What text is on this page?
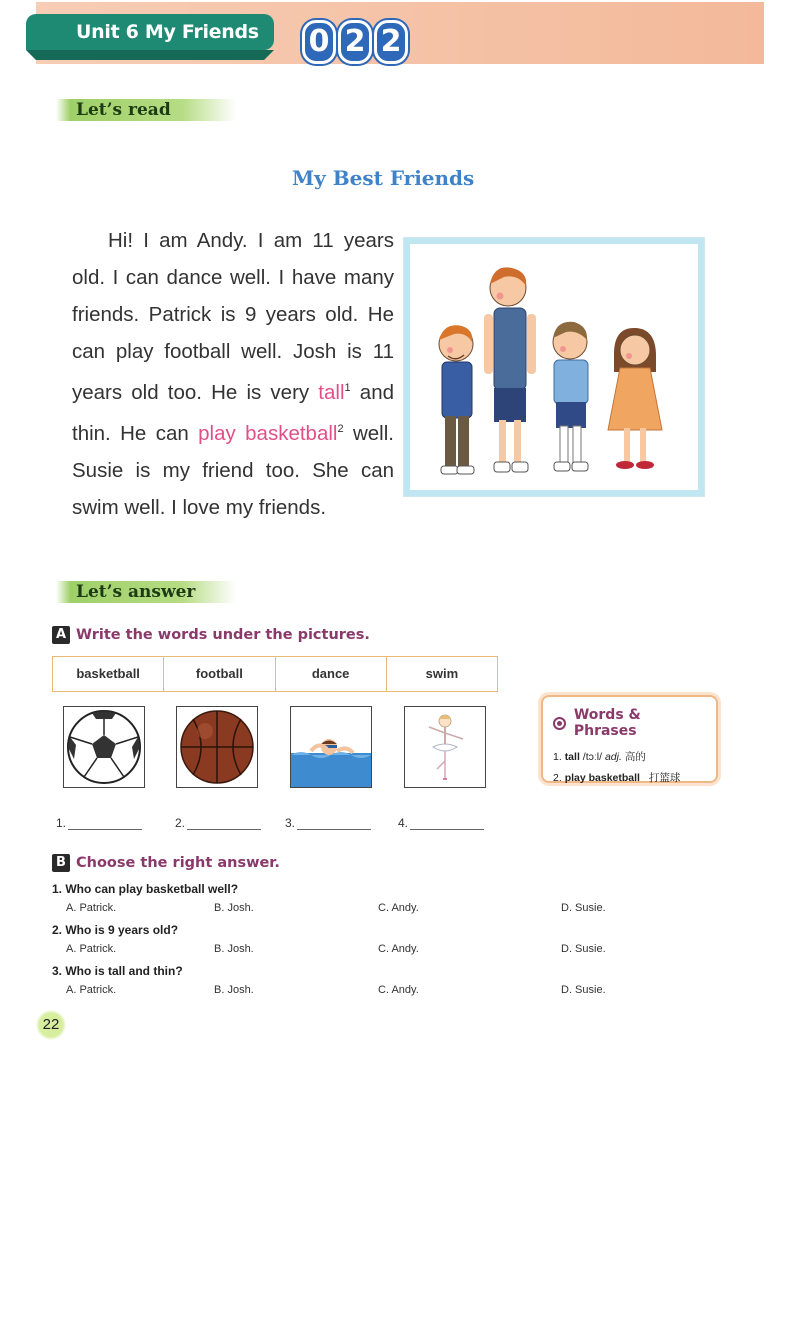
Unit 6 My Friends	0 2 2
Let’s read
My Best Friends
Hi! I am Andy. I am 11 years old. I can dance well. I have many friends. Patrick is 9 years old. He can play football well. Josh is 11 years old too. He is very tall$^1$ and thin. He can play basketball$^2$ well. Susie is my friend too. She can swim well. I love my friends.
Let’s answer
A Write the words under the pictures.
basketball	football	dance	swim
1.	2.	3.	4.
Words & Phrases
1. tall /tɔːl/ adj. 高的
2. play basketball 打篮球
B Choose the right answer.
1. Who can play basketball well?
A. Patrick.	B. Josh.	C. Andy.	D. Susie.
2. Who is 9 years old?
A. Patrick.	B. Josh.	C. Andy.	D. Susie.
3. Who is tall and thin?
A. Patrick.	B. Josh.	C. Andy.	D. Susie.
22
